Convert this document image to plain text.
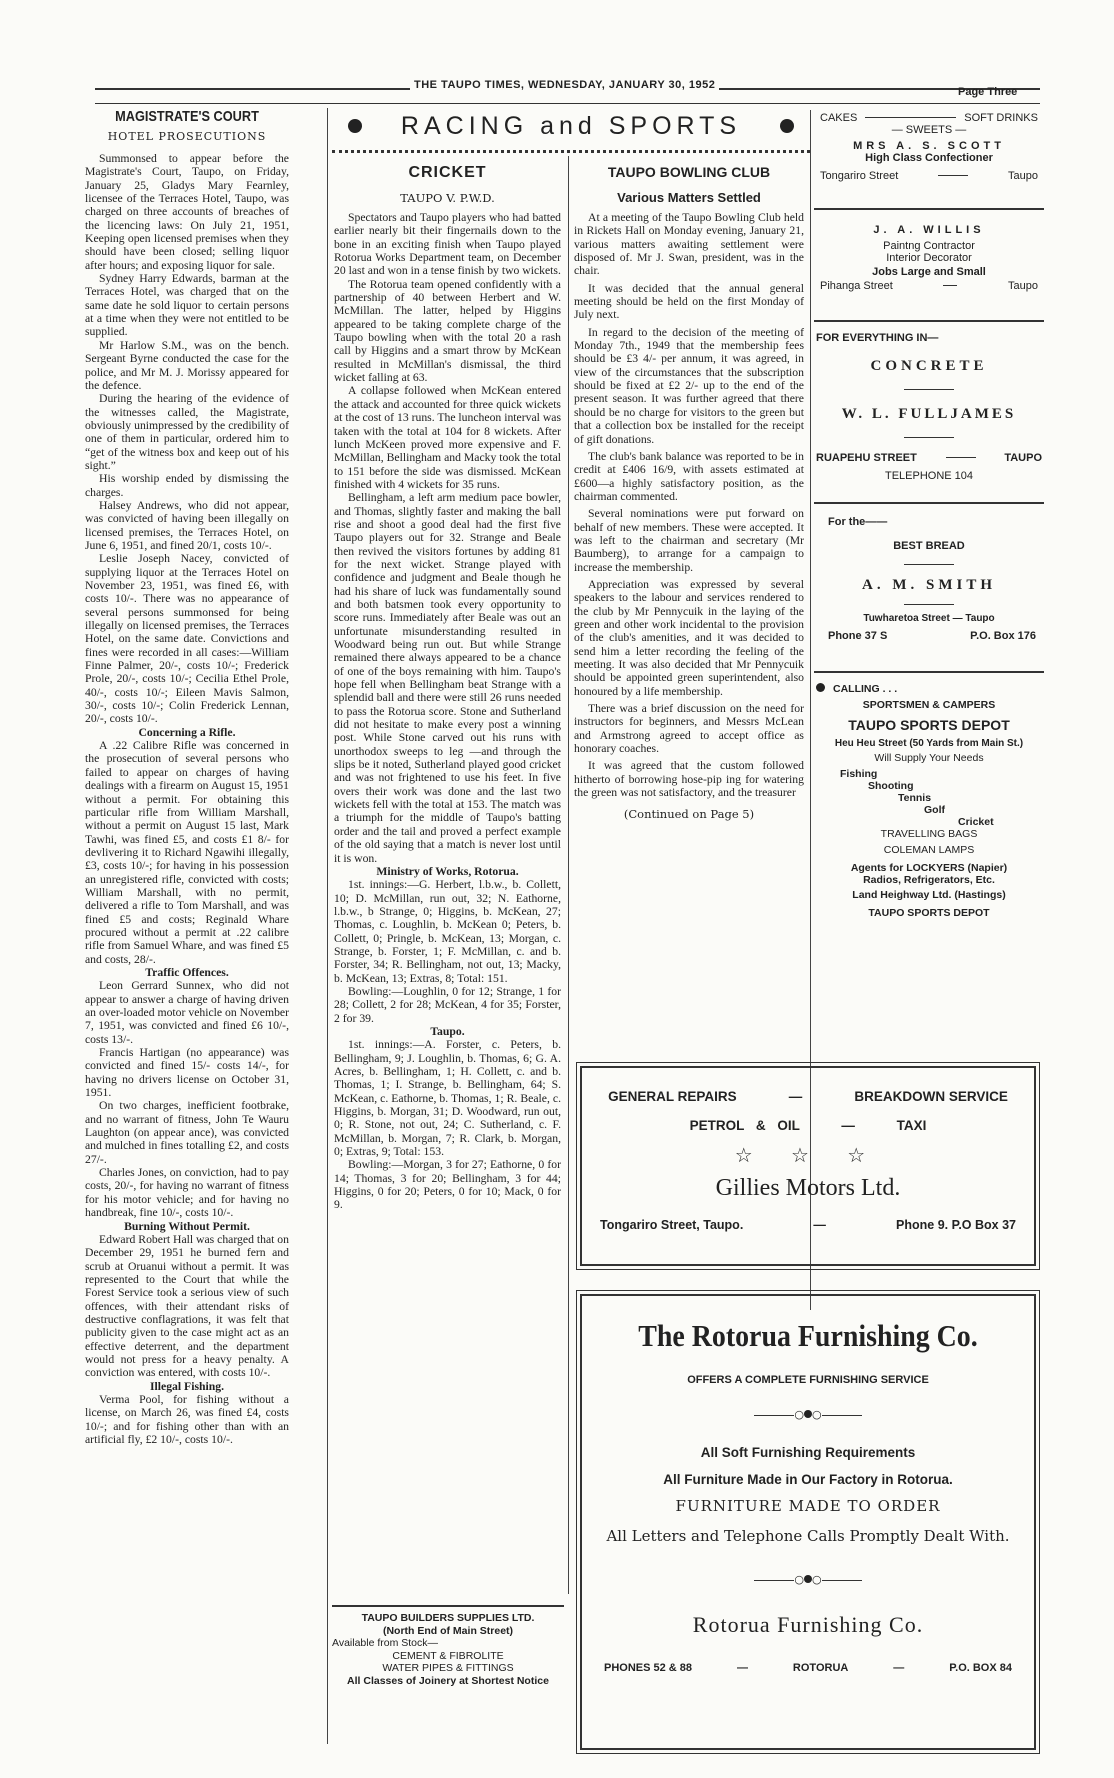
THE TAUPO TIMES, WEDNESDAY, JANUARY 30, 1952
Page Three
MAGISTRATE'S COURT
HOTEL PROSECUTIONS

Summonsed to appear before the Magistrate's Court, Taupo, on Friday, January 25, Gladys Mary Fearnley, licensee of the Terraces Hotel, Taupo, was charged on three accounts of breaches of the licencing laws: On July 21, 1951, Keeping open licensed premises when they should have been closed; selling liquor after hours; and exposing liquor for sale.

Sydney Harry Edwards, barman at the Terraces Hotel, was charged that on the same date he sold liquor to certain persons at a time when they were not entitled to be supplied.

Mr Harlow S.M., was on the bench. Sergeant Byrne conducted the case for the police, and Mr M. J. Morissy appeared for the defence.

During the hearing of the evidence of the witnesses called, the Magistrate, obviously unimpressed by the credibility of one of them in particular, ordered him to “get of the witness box and keep out of his sight.”

His worship ended by dismissing the charges.

Halsey Andrews, who did not appear, was convicted of having been illegally on licensed premises, the Terraces Hotel, on June 6, 1951, and fined 20/1, costs 10/-.

Leslie Joseph Nacey, convicted of supplying liquor at the Terraces Hotel on November 23, 1951, was fined £6, with costs 10/-. There was no appearance of several persons summonsed for being illegally on licensed premises, the Terraces Hotel, on the same date. Convictions and fines were recorded in all cases:—William Finne Palmer, 20/-, costs 10/-; Frederick Prole, 20/-, costs 10/-; Cecilia Ethel Prole, 40/-, costs 10/-; Eileen Mavis Salmon, 30/-, costs 10/-; Colin Frederick Lennan, 20/-, costs 10/-.

Concerning a Rifle.

A .22 Calibre Rifle was concerned in the prosecution of several persons who failed to appear on charges of having dealings with a firearm on August 15, 1951 without a permit. For obtaining this particular rifle from William Marshall, without a permit on August 15 last, Mark Tawhi, was fined £5, and costs £1 8/- for devlivering it to Richard Ngawihi illegally, £3, costs 10/-; for having in his possession an unregistered rifle, convicted with costs; William Marshall, with no permit, delivered a rifle to Tom Marshall, and was fined £5 and costs; Reginald Whare procured without a permit at .22 calibre rifle from Samuel Whare, and was fined £5 and costs, 28/-.

Traffic Offences.

Leon Gerrard Sunnex, who did not appear to answer a charge of having driven an over-loaded motor vehicle on November 7, 1951, was convicted and fined £6 10/-, costs 13/-.

Francis Hartigan (no appearance) was convicted and fined 15/- costs 14/-, for having no drivers license on October 31, 1951.

On two charges, inefficient footbrake, and no warrant of fitness, John Te Wauru Laughton (on appear ance), was convicted and mulched in fines totalling £2, and costs 27/-.

Charles Jones, on conviction, had to pay costs, 20/-, for having no warrant of fitness for his motor vehicle; and for having no handbreak, fine 10/-, costs 10/-.

Burning Without Permit.

Edward Robert Hall was charged that on December 29, 1951 he burned fern and scrub at Oruanui without a permit. It was represented to the Court that while the Forest Service took a serious view of such offences, with their attendant risks of destructive conflagrations, it was felt that publicity given to the case might act as an effective deterrent, and the department would not press for a heavy penalty. A conviction was entered, with costs 10/-.

Illegal Fishing.

Verma Pool, for fishing without a license, on March 26, was fined £4, costs 10/-; and for fishing other than with an artificial fly, £2 10/-, costs 10/-.

RACING and SPORTS
CRICKET
TAUPO V. P.W.D.

Spectators and Taupo players who had batted earlier nearly bit their fingernails down to the bone in an exciting finish when Taupo played Rotorua Works Department team, on December 20 last and won in a tense finish by two wickets.

The Rotorua team opened confidently with a partnership of 40 between Herbert and W. McMillan. The latter, helped by Higgins appeared to be taking complete charge of the Taupo bowling when with the total 20 a rash call by Higgins and a smart throw by McKean resulted in McMillan's dismissal, the third wicket falling at 63.

A collapse followed when McKean entered the attack and accounted for three quick wickets at the cost of 13 runs. The luncheon interval was taken with the total at 104 for 8 wickets. After lunch McKeen proved more expensive and F. McMillan, Bellingham and Macky took the total to 151 before the side was dismissed. McKean finished with 4 wickets for 35 runs.

Bellingham, a left arm medium pace bowler, and Thomas, slightly faster and making the ball rise and shoot a good deal had the first five Taupo players out for 32. Strange and Beale then revived the visitors fortunes by adding 81 for the next wicket. Strange played with confidence and judgment and Beale though he had his share of luck was fundamentally sound and both batsmen took every opportunity to score runs. Immediately after Beale was out an unfortunate misunderstanding resulted in Woodward being run out. But while Strange remained there always appeared to be a chance of one of the boys remaining with him. Taupo's hope fell when Bellingham beat Strange with a splendid ball and there were still 26 runs needed to pass the Rotorua score. Stone and Sutherland did not hesitate to make every post a winning post. While Stone carved out his runs with unorthodox sweeps to leg —and through the slips be it noted, Sutherland played good cricket and was not frightened to use his feet. In five overs their work was done and the last two wickets fell with the total at 153. The match was a triumph for the middle of Taupo's batting order and the tail and proved a perfect example of the old saying that a match is never lost until it is won.

Ministry of Works, Rotorua.

1st. innings:—G. Herbert, l.b.w., b. Collett, 10; D. McMillan, run out, 32; N. Eathorne, l.b.w., b Strange, 0; Higgins, b. McKean, 27; Thomas, c. Loughlin, b. McKean 0; Peters, b. Collett, 0; Pringle, b. McKean, 13; Morgan, c. Strange, b. Forster, 1; F. McMillan, c. and b. Forster, 34; R. Bellingham, not out, 13; Macky, b. McKean, 13; Extras, 8; Total: 151.

Bowling:—Loughlin, 0 for 12; Strange, 1 for 28; Collett, 2 for 28; McKean, 4 for 35; Forster, 2 for 39.

Taupo.

1st. innings:—A. Forster, c. Peters, b. Bellingham, 9; J. Loughlin, b. Thomas, 6; G. A. Acres, b. Bellingham, 1; H. Collett, c. and b. Thomas, 1; I. Strange, b. Bellingham, 64; S. McKean, c. Eathorne, b. Thomas, 1; R. Beale, c. Higgins, b. Morgan, 31; D. Woodward, run out, 0; R. Stone, not out, 24; C. Sutherland, c. F. McMillan, b. Morgan, 7; R. Clark, b. Morgan, 0; Extras, 9; Total: 153.

Bowling:—Morgan, 3 for 27; Eathorne, 0 for 14; Thomas, 3 for 20; Bellingham, 3 for 44; Higgins, 0 for 20; Peters, 0 for 10; Mack, 0 for 9.

TAUPO BUILDERS SUPPLIES LTD.
(North End of Main Street)
Available from Stock—
CEMENT & FIBROLITE
WATER PIPES & FITTINGS
All Classes of Joinery at Shortest Notice
TAUPO BOWLING CLUB
Various Matters Settled

At a meeting of the Taupo Bowling Club held in Rickets Hall on Monday evening, January 21, various matters awaiting settlement were disposed of. Mr J. Swan, president, was in the chair.

It was decided that the annual general meeting should be held on the first Monday of July next.

In regard to the decision of the meeting of Monday 7th., 1949 that the membership fees should be £3 4/- per annum, it was agreed, in view of the circumstances that the subscription should be fixed at £2 2/- up to the end of the present season. It was further agreed that there should be no charge for visitors to the green but that a collection box be installed for the receipt of gift donations.

The club's bank balance was reported to be in credit at £406 16/9, with assets estimated at £600—a highly satisfactory position, as the chairman commented.

Several nominations were put forward on behalf of new members. These were accepted. It was left to the chairman and secretary (Mr Baumberg), to arrange for a campaign to increase the membership.

Appreciation was expressed by several speakers to the labour and services rendered to the club by Mr Pennycuik in the laying of the green and other work incidental to the provision of the club's amenities, and it was decided to send him a letter recording the feeling of the meeting. It was also decided that Mr Pennycuik should be appointed green superintendent, also honoured by a life membership.

There was a brief discussion on the need for instructors for beginners, and Messrs McLean and Armstrong agreed to accept office as honorary coaches.

It was agreed that the custom followed hitherto of borrowing hose-pip ing for watering the green was not satisfactory, and the treasurer

(Continued on Page 5)
CAKES	SOFT DRINKS
— SWEETS —
MRS A. S. SCOTT
High Class Confectioner
Tongariro Street	Taupo
J. A. WILLIS
Paintng Contractor
Interior Decorator
Jobs Large and Small
Pihanga Street	Taupo
FOR EVERYTHING IN—
CONCRETE
W. L. FULLJAMES
RUAPEHU STREET	TAUPO
TELEPHONE 104
For the——
BEST BREAD
A. M. SMITH
Tuwharetoa Street — Taupo
Phone 37 S	P.O. Box 176
CALLING . . .
SPORTSMEN & CAMPERS
TAUPO SPORTS DEPOT
Heu Heu Street (50 Yards from Main St.)
Will Supply Your Needs
Fishing
Shooting
Tennis
Golf
Cricket
TRAVELLING BAGS
COLEMAN LAMPS
Agents for LOCKYERS (Napier)
Radios, Refrigerators, Etc.
Land Heighway Ltd. (Hastings)
TAUPO SPORTS DEPOT
GENERAL REPAIRS	—	BREAKDOWN SERVICE
PETROL & OIL	—	TAXI
☆ ☆ ☆
Gillies Motors Ltd.
Tongariro Street, Taupo.	—	Phone 9. P.O Box 37
The Rotorua Furnishing Co.
OFFERS A COMPLETE FURNISHING SERVICE
○ ○
All Soft Furnishing Requirements
All Furniture Made in Our Factory in Rotorua.
FURNITURE MADE TO ORDER
All Letters and Telephone Calls Promptly Dealt With.
○ ○
Rotorua Furnishing Co.
PHONES 52 & 88	—	ROTORUA	—	P.O. BOX 84
